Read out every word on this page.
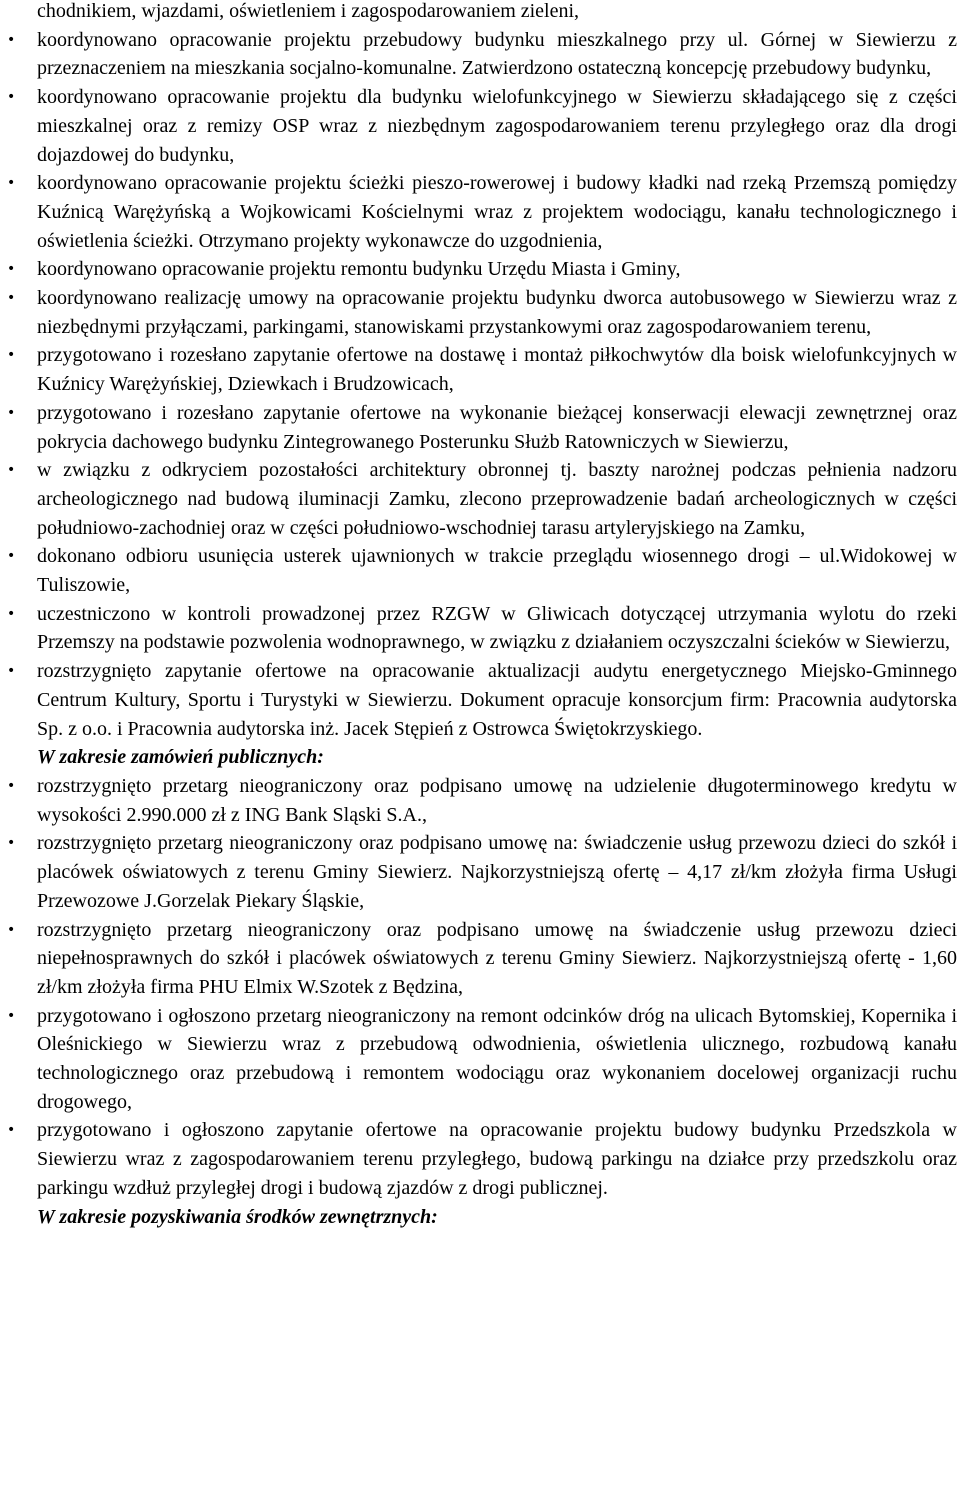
chodnikiem, wjazdami, oświetleniem i zagospodarowaniem zieleni,

• koordynowano opracowanie projektu przebudowy budynku mieszkalnego przy ul. Górnej w Siewierzu z przeznaczeniem na mieszkania socjalno-komunalne. Zatwierdzono ostateczną koncepcję przebudowy budynku,
• koordynowano opracowanie projektu dla budynku wielofunkcyjnego w Siewierzu składającego się z części mieszkalnej oraz z remizy OSP wraz z niezbędnym zagospodarowaniem terenu przyległego oraz dla drogi dojazdowej do budynku,
• koordynowano opracowanie projektu ścieżki pieszo-rowerowej i budowy kładki nad rzeką Przemszą pomiędzy Kuźnicą Warężyńską a Wojkowicami Kościelnymi wraz z projektem wodociągu, kanału technologicznego i oświetlenia ścieżki. Otrzymano projekty wykonawcze do uzgodnienia,
• koordynowano opracowanie projektu remontu budynku Urzędu Miasta i Gminy,
• koordynowano realizację umowy na opracowanie projektu budynku dworca autobusowego w Siewierzu wraz z niezbędnymi przyłączami, parkingami, stanowiskami przystankowymi oraz zagospodarowaniem terenu,
• przygotowano i rozesłano zapytanie ofertowe na dostawę i montaż piłkochwytów dla boisk wielofunkcyjnych w Kuźnicy Warężyńskiej, Dziewkach i Brudzowicach,
• przygotowano i rozesłano zapytanie ofertowe na wykonanie bieżącej konserwacji elewacji zewnętrznej oraz pokrycia dachowego budynku Zintegrowanego Posterunku Służb Ratowniczych w Siewierzu,
• w związku z odkryciem pozostałości architektury obronnej tj. baszty narożnej podczas pełnienia nadzoru archeologicznego nad budową iluminacji Zamku, zlecono przeprowadzenie badań archeologicznych w części południowo-zachodniej oraz w części południowo-wschodniej tarasu artyleryjskiego na Zamku,
• dokonano odbioru usunięcia usterek ujawnionych w trakcie przeglądu wiosennego drogi – ul.Widokowej w Tuliszowie,
• uczestniczono w kontroli prowadzonej przez RZGW w Gliwicach dotyczącej utrzymania wylotu do rzeki Przemszy na podstawie pozwolenia wodnoprawnego, w związku z działaniem oczyszczalni ścieków w Siewierzu,
• rozstrzygnięto zapytanie ofertowe na opracowanie aktualizacji audytu energetycznego Miejsko-Gminnego Centrum Kultury, Sportu i Turystyki w Siewierzu. Dokument opracuje konsorcjum firm: Pracownia audytorska Sp. z o.o. i Pracownia audytorska inż. Jacek Stępień z Ostrowca Świętokrzyskiego.

W zakresie zamówień publicznych:

• rozstrzygnięto przetarg nieograniczony oraz podpisano umowę na udzielenie długoterminowego kredytu w wysokości 2.990.000 zł z ING Bank Sląski S.A.,
• rozstrzygnięto przetarg nieograniczony oraz podpisano umowę na: świadczenie usług przewozu dzieci do szkół i placówek oświatowych z terenu Gminy Siewierz. Najkorzystniejszą ofertę – 4,17 zł/km złożyła firma Usługi Przewozowe J.Gorzelak Piekary Śląskie,
• rozstrzygnięto przetarg nieograniczony oraz podpisano umowę na świadczenie usług przewozu dzieci niepełnosprawnych do szkół i placówek oświatowych z terenu Gminy Siewierz. Najkorzystniejszą ofertę - 1,60 zł/km złożyła firma PHU Elmix W.Szotek z Będzina,
• przygotowano i ogłoszono przetarg nieograniczony na remont odcinków dróg na ulicach Bytomskiej, Kopernika i Oleśnickiego w Siewierzu wraz z przebudową odwodnienia, oświetlenia ulicznego, rozbudową kanału technologicznego oraz przebudową i remontem wodociągu oraz wykonaniem docelowej organizacji ruchu drogowego,
• przygotowano i ogłoszono zapytanie ofertowe na opracowanie projektu budowy budynku Przedszkola w Siewierzu wraz z zagospodarowaniem terenu przyległego, budową parkingu na działce przy przedszkolu oraz parkingu wzdłuż przyległej drogi i budową zjazdów z drogi publicznej.

W zakresie pozyskiwania środków zewnętrznych:
